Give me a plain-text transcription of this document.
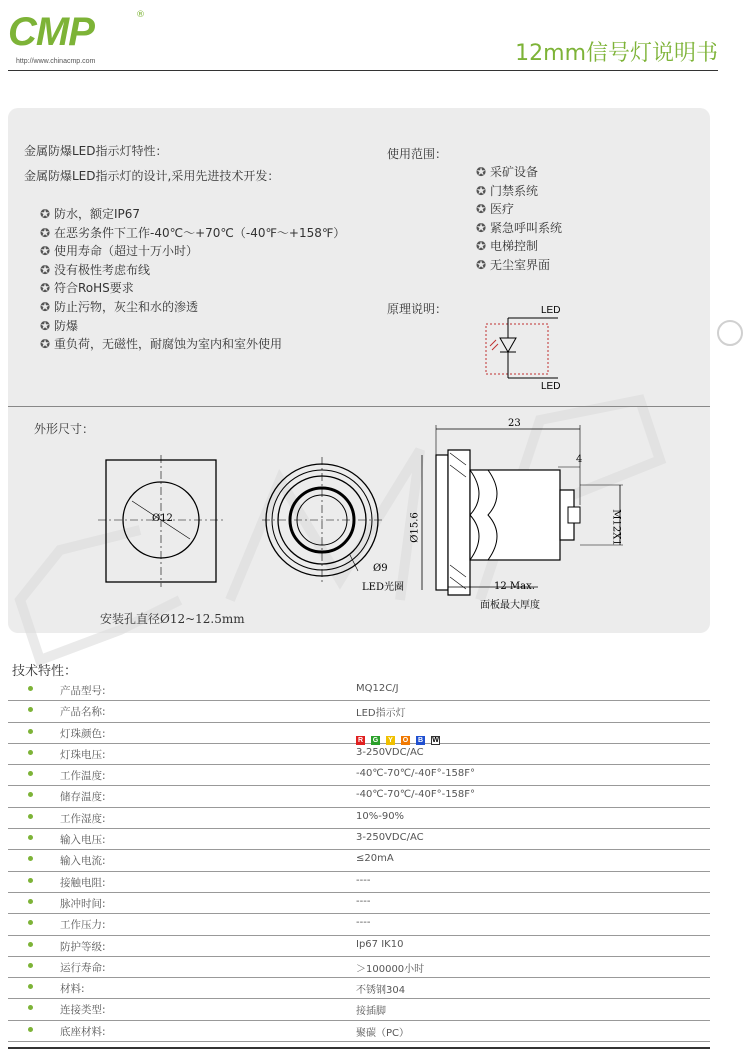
CMP	®
http://www.chinacmp.com	12mm信号灯说明书
金属防爆LED指示灯特性：
金属防爆LED指示灯的设计,采用先进技术开发：
✪ 防水，额定IP67
✪ 在恶劣条件下工作-40℃～+70℃（-40℉～+158℉）
✪ 使用寿命（超过十万小时）
✪ 没有极性考虑布线
✪ 符合RoHS要求
✪ 防止污物，灰尘和水的渗透
✪ 防爆
✪ 重负荷，无磁性，耐腐蚀为室内和室外使用
使用范围：
✪ 采矿设备
✪ 门禁系统
✪ 医疗
✪ 紧急呼叫系统
✪ 电梯控制
✪ 无尘室界面
原理说明：	LED
LED
外形尺寸：
Ø12
Ø9
LED光圈
23
4
Ø15.6	M12X1
12 Max.
面板最大厚度
安装孔直径Ø12~12.5mm
技术特性：
产品型号:	MQ12C/J
产品名称:	LED指示灯
灯珠颜色:
R G Y O B W
灯珠电压:	3-250VDC/AC
工作温度:	-40℃-70℃/-40F°-158F°
储存温度:	-40℃-70℃/-40F°-158F°
工作湿度:	10%-90%
输入电压:	3-250VDC/AC
输入电流:	≤20mA
接触电阻:	----
脉冲时间:	----
工作压力:	----
防护等级:	Ip67 IK10
运行寿命:	＞100000小时
材料:	不锈钢304
连接类型:	接插脚
底座材料:	聚碳（PC）
